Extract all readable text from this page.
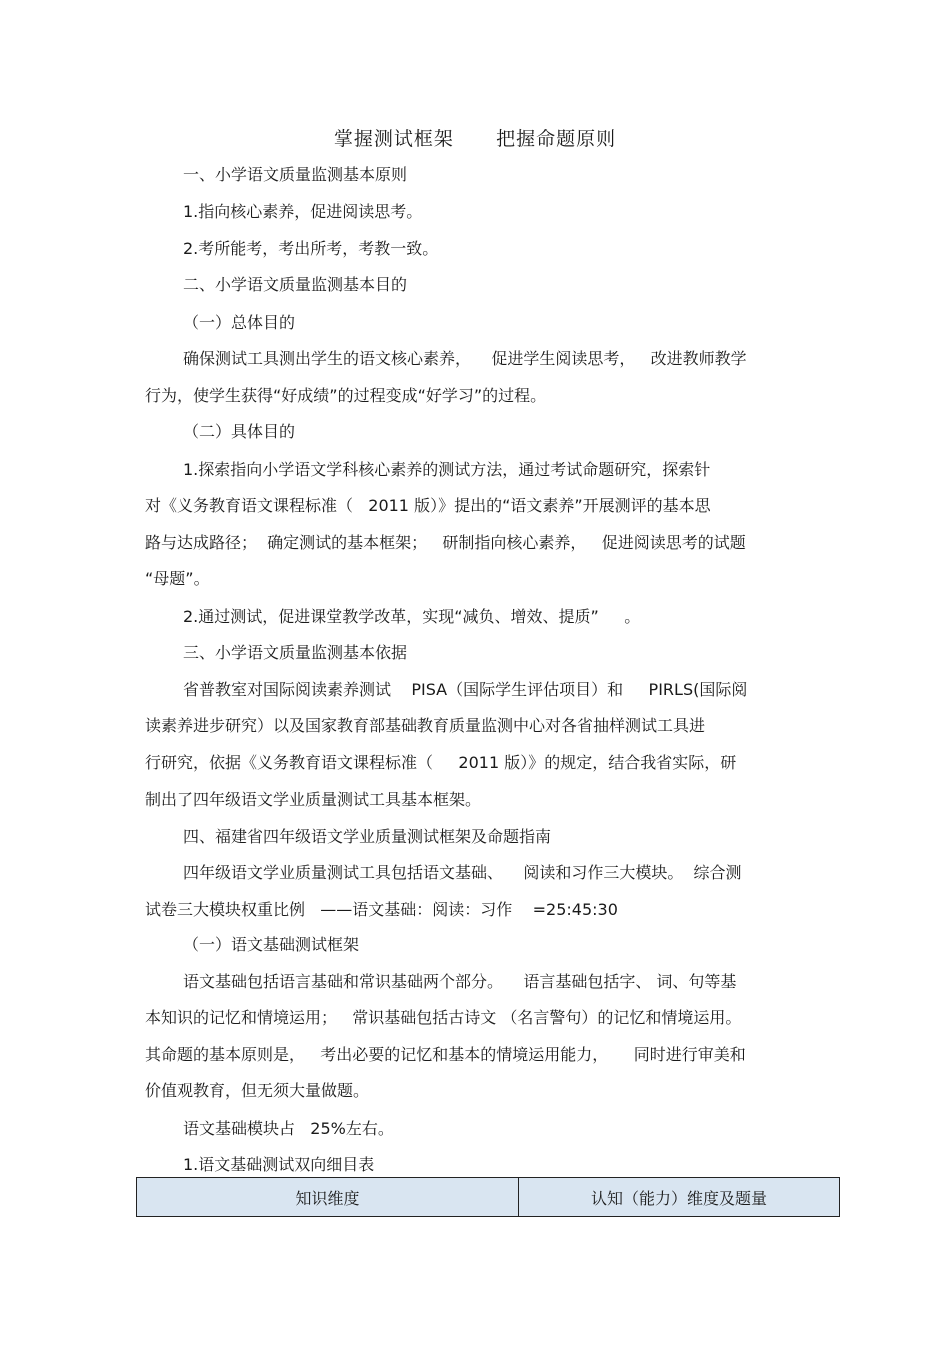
掌握测试框架      把握命题原则
一、小学语文质量监测基本原则
1.指向核心素养，促进阅读思考。
2.考所能考，考出所考，考教一致。
二、小学语文质量监测基本目的
（一）总体目的
确保测试工具测出学生的语文核心素养，    促进学生阅读思考，   改进教师教学
行为，使学生获得“好成绩”的过程变成“好学习”的过程。
（二）具体目的
1.探索指向小学语文学科核心素养的测试方法，通过考试命题研究，探索针
对《义务教育语文课程标准（   2011 版）》提出的“语文素养”开展测评的基本思
路与达成路径；  确定测试的基本框架；   研制指向核心素养，   促进阅读思考的试题
“母题”。
2.通过测试，促进课堂教学改革，实现“减负、增效、提质”     。
三、小学语文质量监测基本依据
省普教室对国际阅读素养测试    PISA（国际学生评估项目）和     PIRLS(国际阅
读素养进步研究）以及国家教育部基础教育质量监测中心对各省抽样测试工具进
行研究，依据《义务教育语文课程标准（     2011 版）》的规定，结合我省实际，研
制出了四年级语文学业质量测试工具基本框架。
四、福建省四年级语文学业质量测试框架及命题指南
四年级语文学业质量测试工具包括语文基础、    阅读和习作三大模块。  综合测
试卷三大模块权重比例   ——语文基础：阅读：习作    =25:45:30
（一）语文基础测试框架
语文基础包括语言基础和常识基础两个部分。    语言基础包括字、 词、句等基
本知识的记忆和情境运用；   常识基础包括古诗文 （名言警句）的记忆和情境运用。
其命题的基本原则是，   考出必要的记忆和基本的情境运用能力，     同时进行审美和
价值观教育，但无须大量做题。
语文基础模块占   25%左右。
1.语文基础测试双向细目表
知识维度	认知（能力）维度及题量
